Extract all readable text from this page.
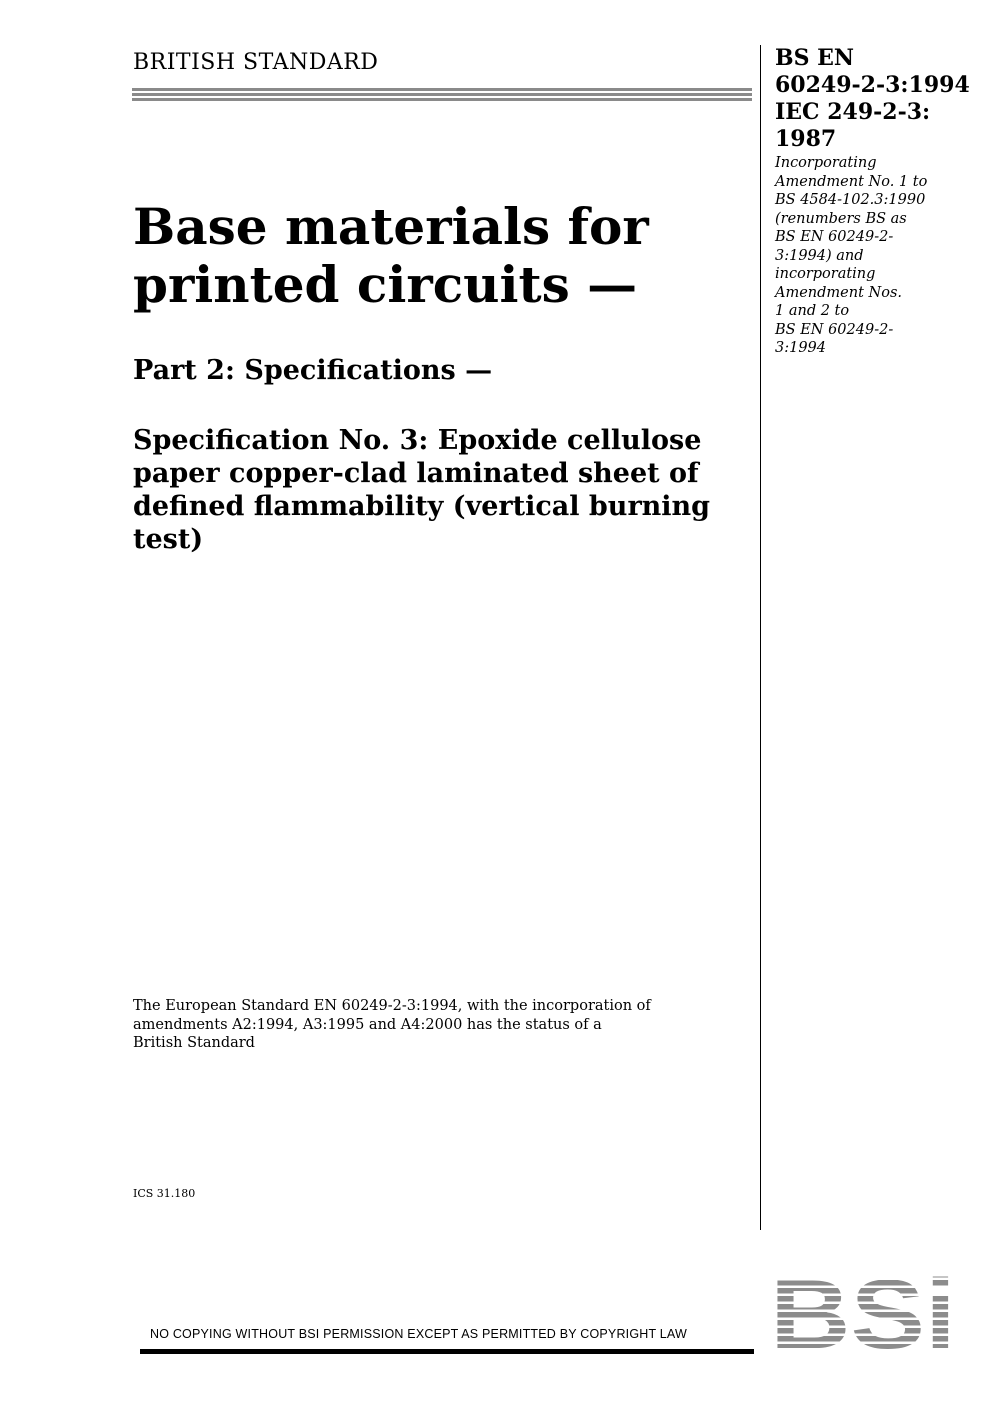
BRITISH STANDARD	BS EN
60249-2-3:1994
IEC 249-2-3:
1987
Incorporating
Amendment No. 1 to
BS 4584-102.3:1990
(renumbers BS as
BS EN 60249-2-
3:1994) and
incorporating
Amendment Nos.
1 and 2 to
BS EN 60249-2-
3:1994
Base materials for
printed circuits —
Part 2: Specifications —
Specification No. 3: Epoxide cellulose
paper copper-clad laminated sheet of
defined flammability (vertical burning
test)
The European Standard EN 60249-2-3:1994, with the incorporation of
amendments A2:1994, A3:1995 and A4:2000 has the status of a
British Standard
ICS 31.180
NO COPYING WITHOUT BSI PERMISSION EXCEPT AS PERMITTED BY COPYRIGHT LAW BSi
